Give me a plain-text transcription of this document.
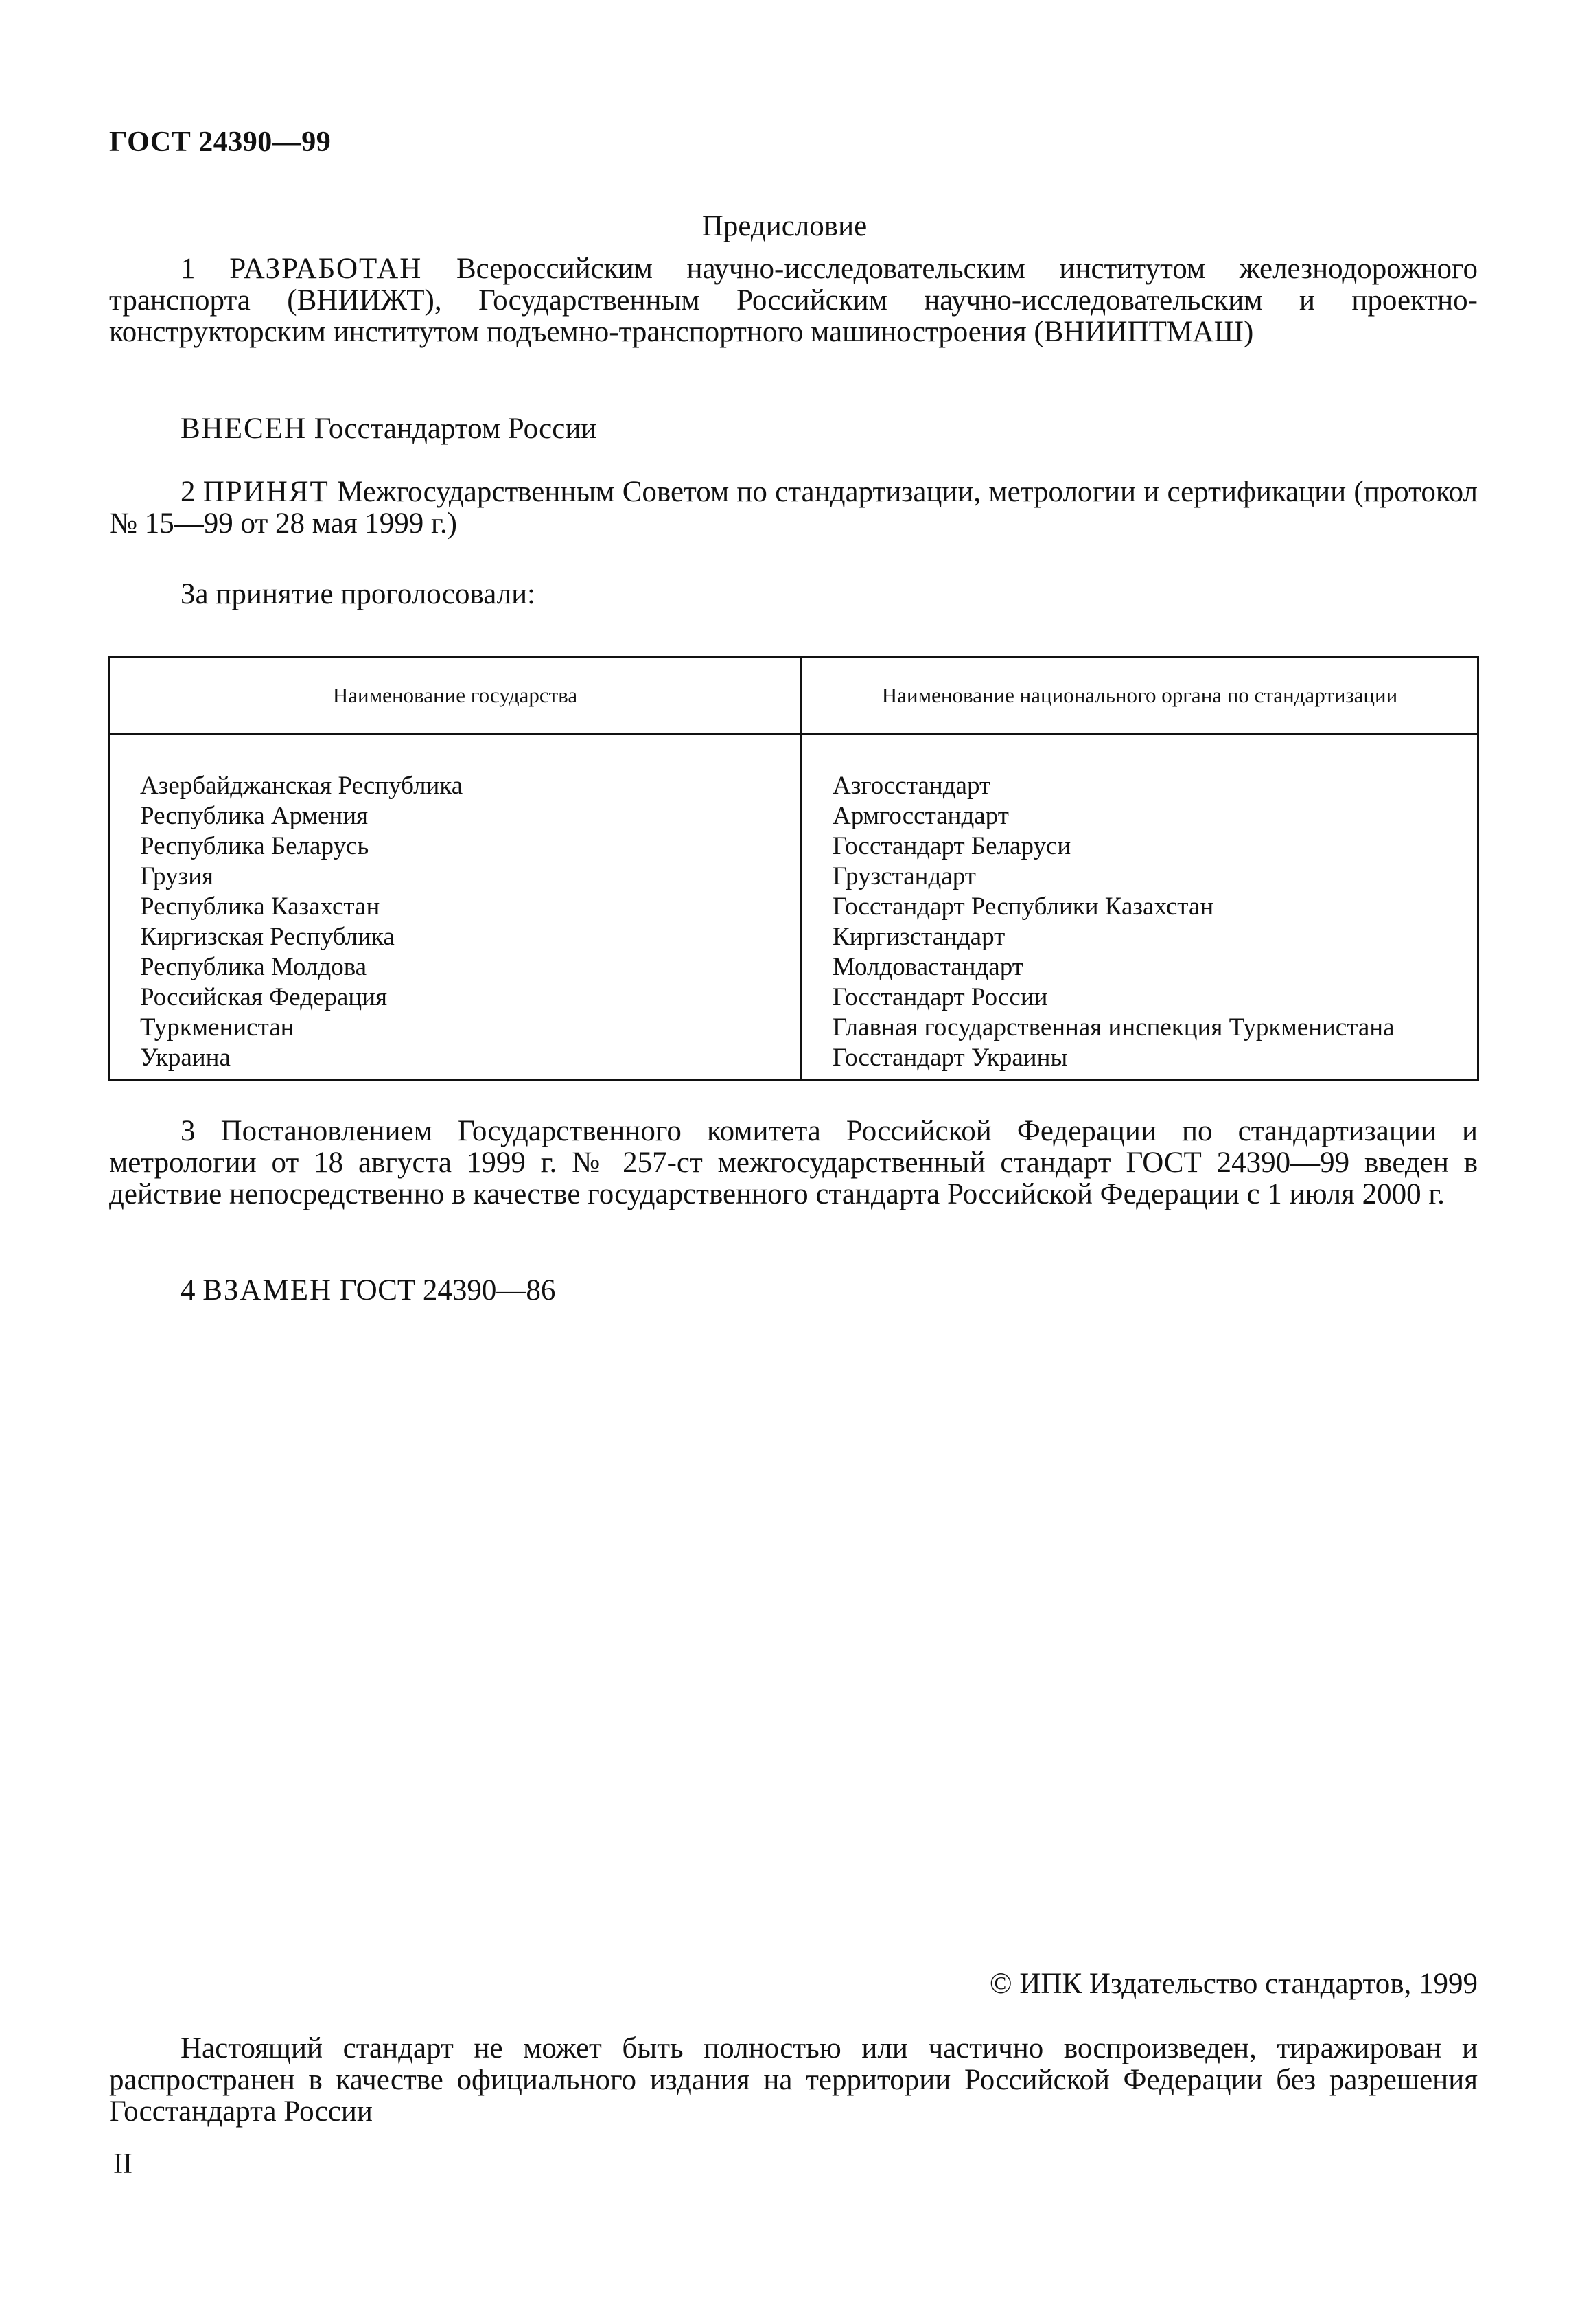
ГОСТ 24390—99
Предисловие

1 РАЗРАБОТАН Всероссийским научно-исследовательским институтом железнодорожного транспорта (ВНИИЖТ), Государственным Российским научно-исследовательским и проектно-конструкторским институтом подъемно-транспортного машиностроения (ВНИИПТМАШ)

ВНЕСЕН Госстандартом России

2 ПРИНЯТ Межгосударственным Советом по стандартизации, метрологии и сертификации (протокол № 15—99 от 28 мая 1999 г.)

За принятие проголосовали:

Наименование государства	Наименование национального органа по стандартизации

Азербайджанская Республика	Азгосстандарт
Республика Армения	Армгосстандарт
Республика Беларусь	Госстандарт Беларуси
Грузия	Грузстандарт
Республика Казахстан	Госстандарт Республики Казахстан
Киргизская Республика	Киргизстандарт
Республика Молдова	Молдовастандарт
Российская Федерация	Госстандарт России
Туркменистан	Главная государственная инспекция Туркменистана
Украина	Госстандарт Украины

3 Постановлением Государственного комитета Российской Федерации по стандартизации и метрологии от 18 августа 1999 г. № 257-ст межгосударственный стандарт ГОСТ 24390—99 введен в действие непосредственно в качестве государственного стандарта Российской Федерации с 1 июля 2000 г.

4 ВЗАМЕН ГОСТ 24390—86

© ИПК Издательство стандартов, 1999

Настоящий стандарт не может быть полностью или частично воспроизведен, тиражирован и распространен в качестве официального издания на территории Российской Федерации без разрешения Госстандарта России

II
